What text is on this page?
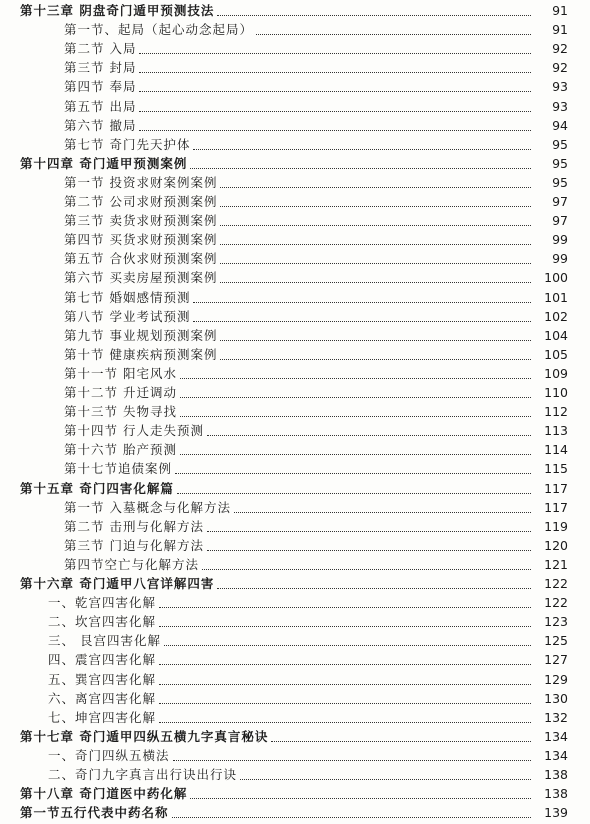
第十三章 阴盘奇门遁甲预测技法	91
第一节、起局（起心动念起局）	91
第二节 入局	92
第三节 封局	92
第四节 奉局	93
第五节 出局	93
第六节 撤局	94
第七节 奇门先天护体	95
第十四章 奇门遁甲预测案例	95
第一节 投资求财案例案例	95
第二节 公司求财预测案例	97
第三节 卖货求财预测案例	97
第四节 买货求财预测案例	99
第五节 合伙求财预测案例	99
第六节 买卖房屋预测案例	100
第七节 婚姻感情预测	101
第八节 学业考试预测	102
第九节 事业规划预测案例	104
第十节 健康疾病预测案例	105
第十一节 阳宅风水	109
第十二节 升迁调动	110
第十三节 失物寻找	112
第十四节 行人走失预测	113
第十六节 胎产预测	114
第十七节追债案例	115
第十五章 奇门四害化解篇	117
第一节 入墓概念与化解方法	117
第二节 击刑与化解方法	119
第三节 门迫与化解方法	120
第四节空亡与化解方法	121
第十六章 奇门遁甲八宫详解四害	122
一、乾宫四害化解	122
二、坎宫四害化解	123
三、 艮宫四害化解	125
四、震宫四害化解	127
五、巽宫四害化解	129
六、离宫四害化解	130
七、坤宫四害化解	132
第十七章 奇门遁甲四纵五横九字真言秘诀	134
一、奇门四纵五横法	134
二、奇门九字真言出行诀出行诀	138
第十八章 奇门道医中药化解	138
第一节五行代表中药名称	139
